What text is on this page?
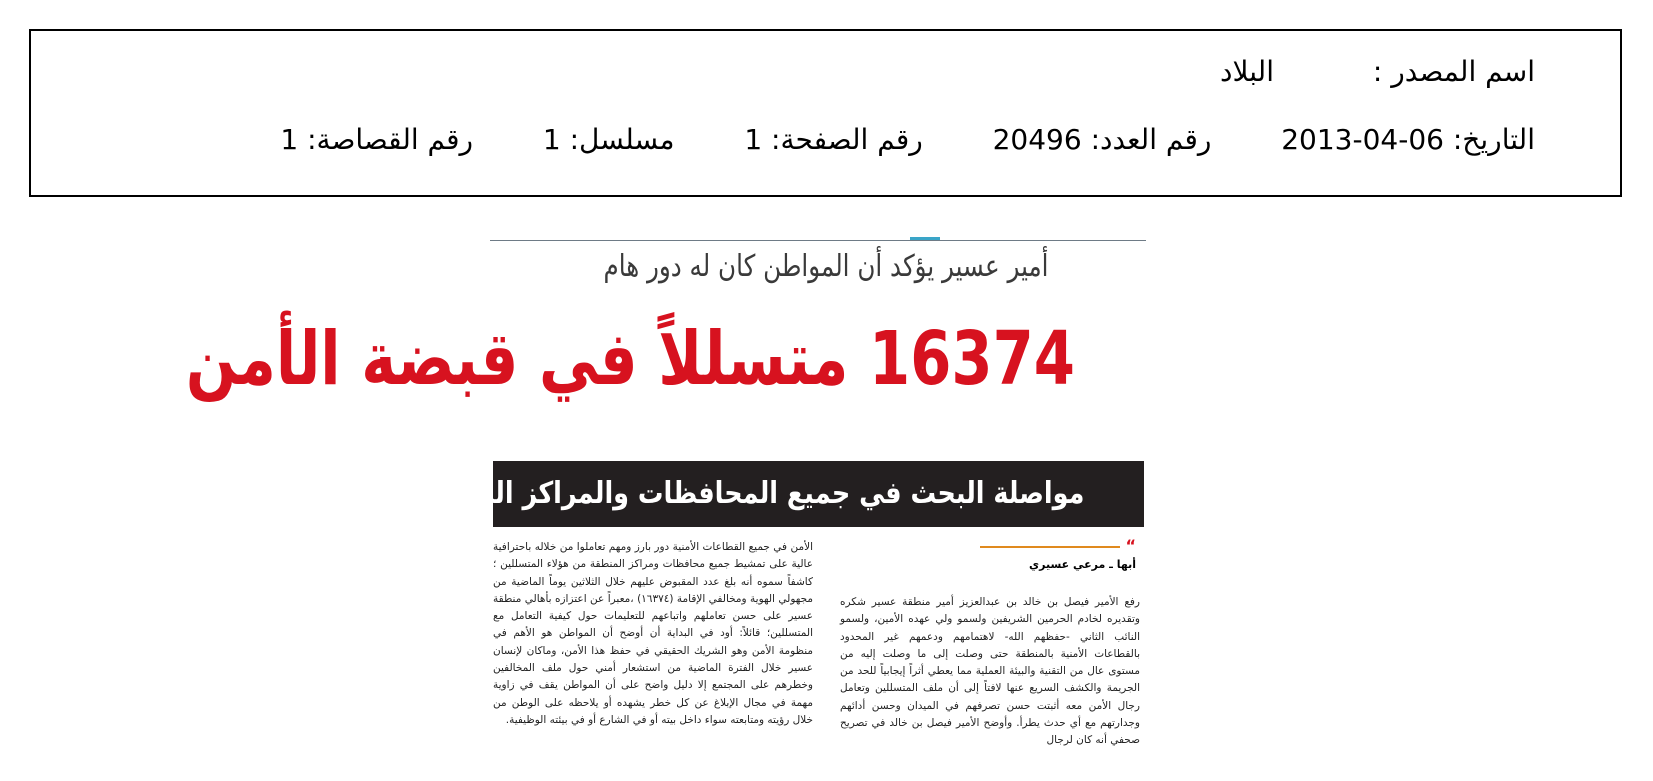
اسم المصدر : البلاد
التاريخ: 2013-04-06  رقم العدد: 20496  رقم الصفحة: 1  مسلسل: 1  رقم القصاصة: 1
أمير عسير يؤكد أن المواطن كان له دور هام
16374 متسللاً في قبضة الأمن
مواصلة البحث في جميع المحافظات والمراكز الجنوبية
“
أبها ـ مرعي عسيري
رفع الأمير فيصل بن خالد بن عبدالعزيز أمير منطقة عسير شكره وتقديره لخادم الحرمين الشريفين ولسمو ولي عهده الأمين، ولسمو النائب الثاني -حفظهم الله- لاهتمامهم ودعمهم غير المحدود بالقطاعات الأمنية بالمنطقة حتى وصلت إلى ما وصلت إليه من مستوى عال من التقنية والبيئة العملية مما يعطي أثراً إيجابياً للحد من الجريمة والكشف السريع عنها لافتاً إلى أن ملف المتسللين وتعامل رجال الأمن معه أثبتت حسن تصرفهم في الميدان وحسن أدائهم وجدارتهم مع أي حدث يطرأ. وأوضح الأمير فيصل بن خالد في تصريح صحفي أنه كان لرجال
الأمن في جميع القطاعات الأمنية دور بارز ومهم تعاملوا من خلاله باحترافية عالية على تمشيط جميع محافظات ومراكز المنطقة من هؤلاء المتسللين ؛ كاشفاً سموه أنه بلغ عدد المقبوض عليهم خلال الثلاثين يوماً الماضية من مجهولي الهوية ومخالفي الإقامة (١٦٣٧٤) ،معبراً عن اعتزازه بأهالي منطقة عسير على حسن تعاملهم واتباعهم للتعليمات حول كيفية التعامل مع المتسللين؛ قائلاً: أود في البداية أن أوضح أن المواطن هو الأهم في منظومة الأمن وهو الشريك الحقيقي في حفظ هذا الأمن، وماكان لإنسان عسير خلال الفترة الماضية من استشعار أمني حول ملف المخالفين وخطرهم على المجتمع إلا دليل واضح على أن المواطن يقف في زاوية مهمة في مجال الإبلاغ عن كل خطر يشهده أو يلاحظه على الوطن من خلال رؤيته ومتابعته سواء داخل بيته أو في الشارع أو في بيئته الوظيفية.
